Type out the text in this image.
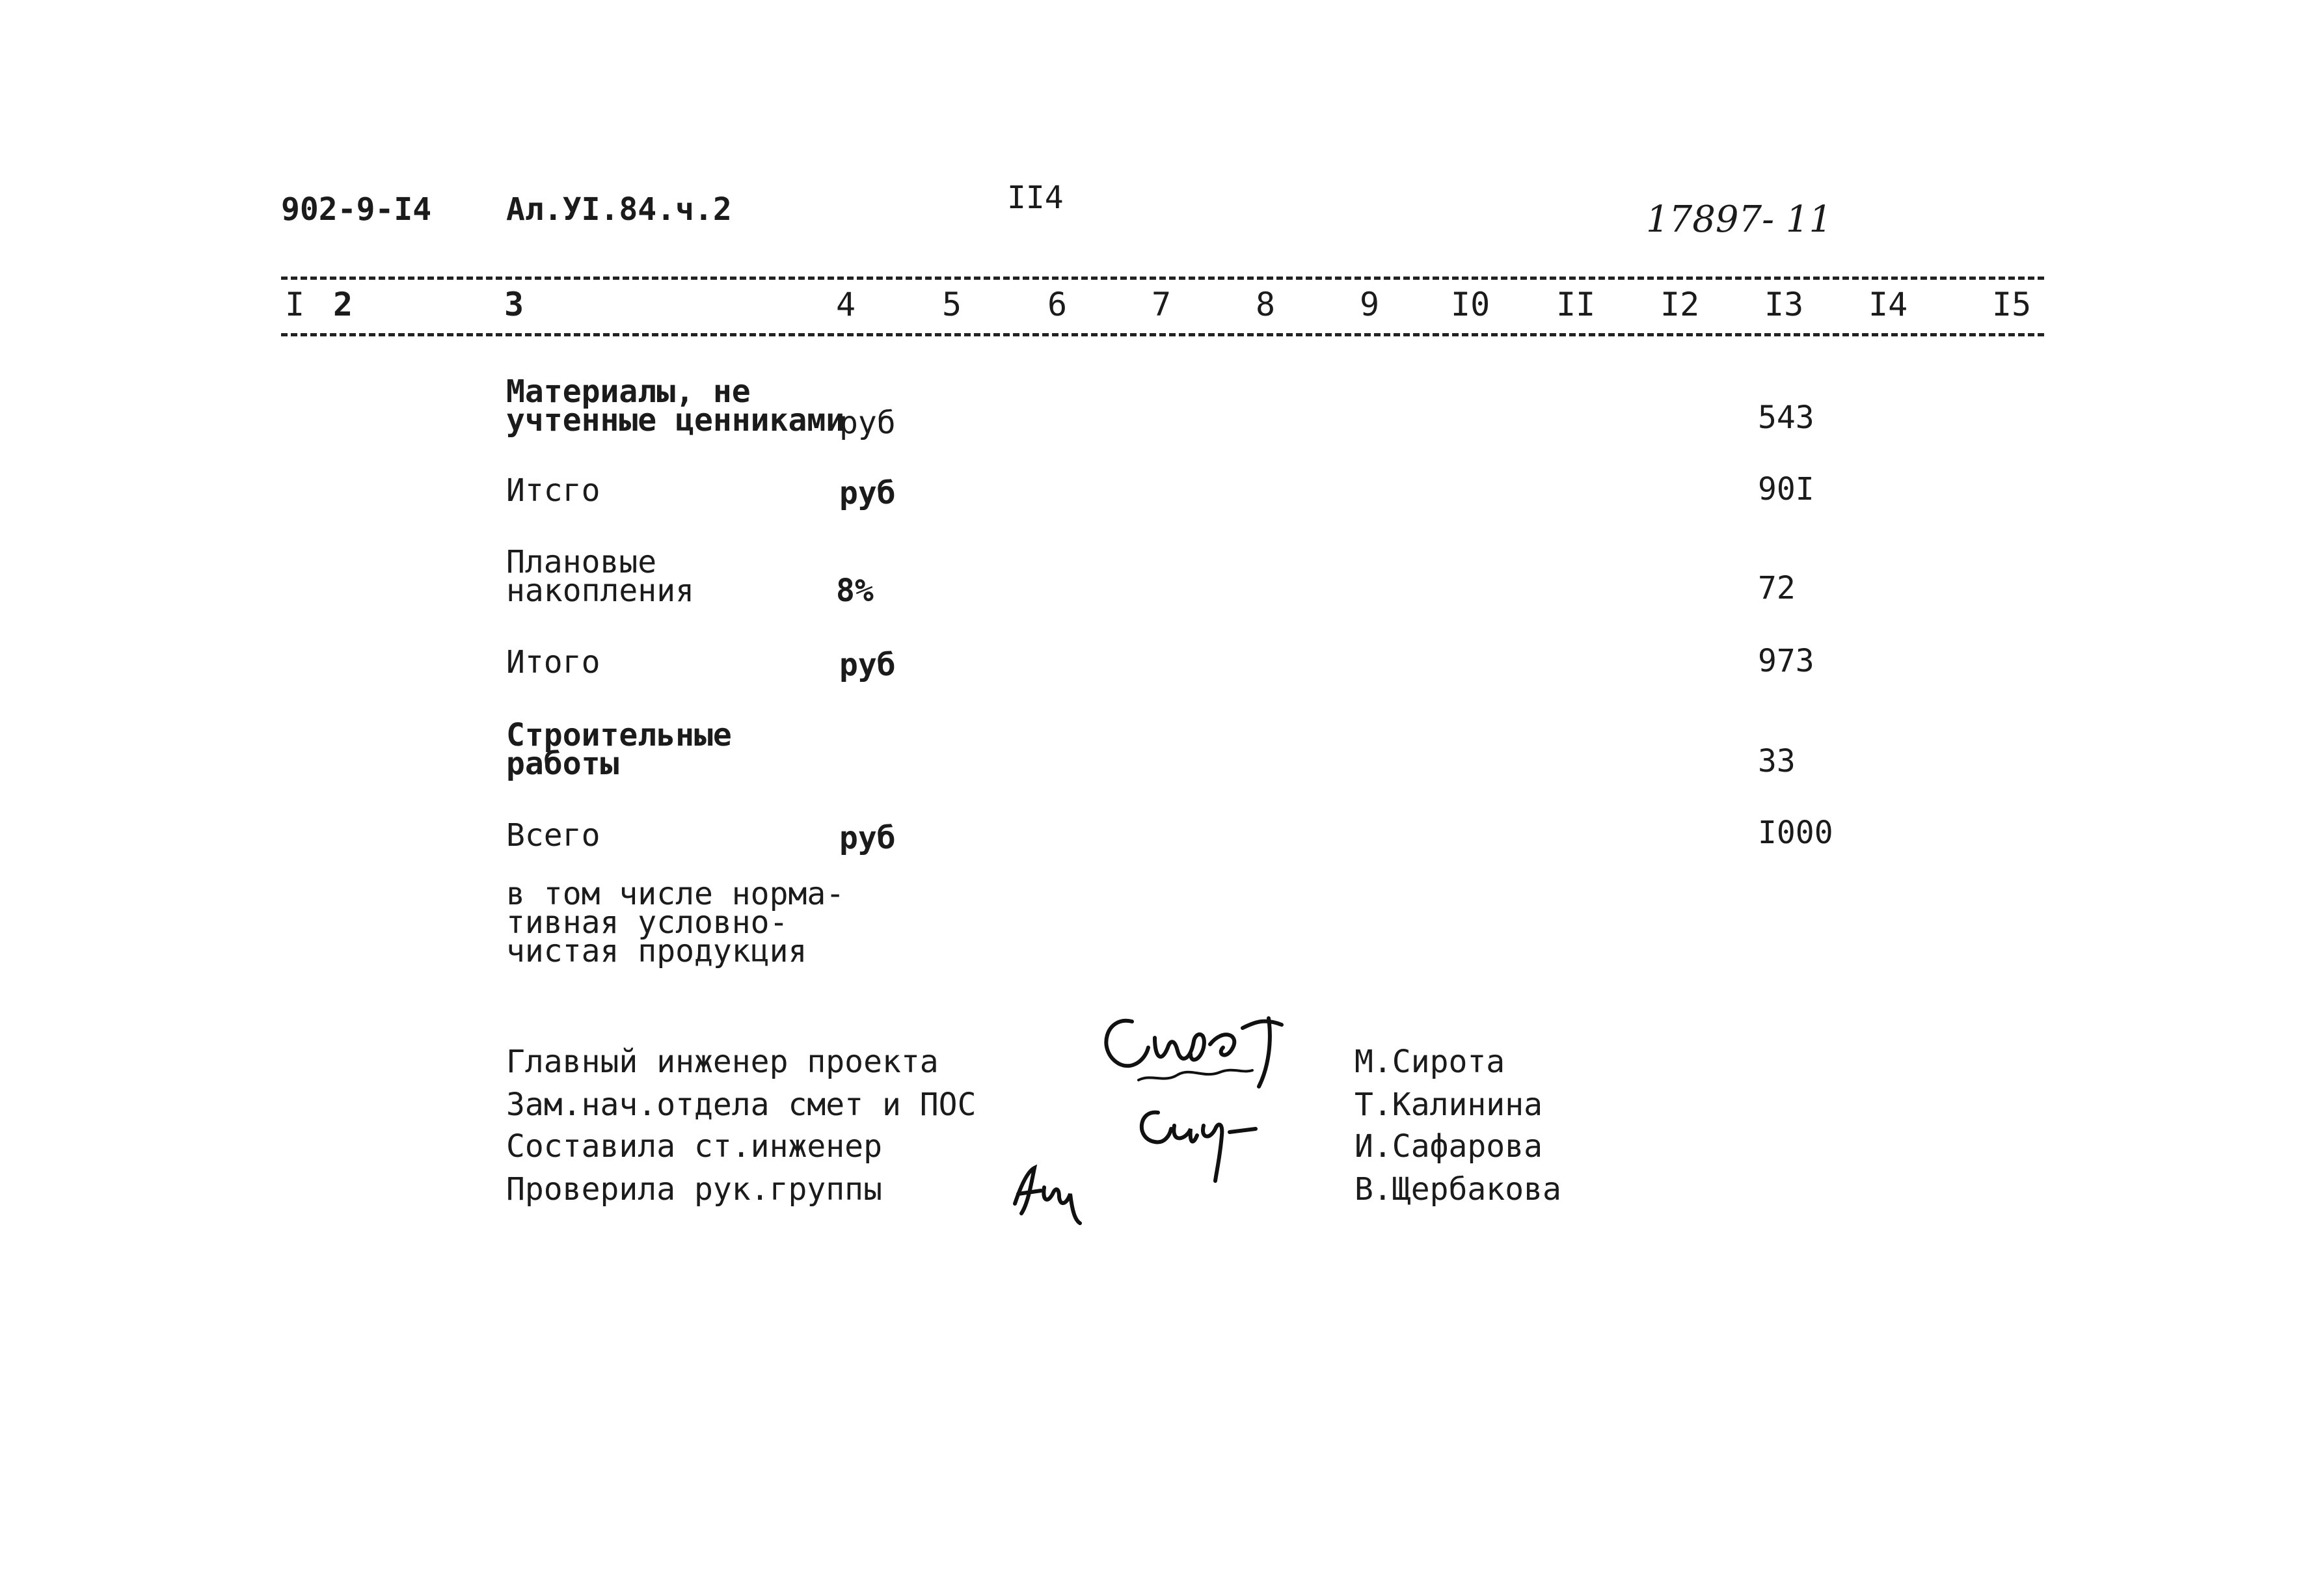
902-9-I4 Ал.УI.84.ч.2	II4
17897- 11
I 2	3	4	5	6	7	8	9 I0 II I2 I3 I4	I5
Материалы, не
учтенные ценниками
руб	543
Итсго	руб	90I
Плановые
накопления	8%	72
Итого	руб	973
Строительные
работы	33
Всего	руб	I000
в том числе норма-
тивная условно-
чистая продукция
Главный инженер проекта
Зам.нач.отдела смет и ПОС
Составила ст.инженер
Проверила рук.группы
М.Сирота
Т.Калинина
И.Сафарова
В.Щербакова
